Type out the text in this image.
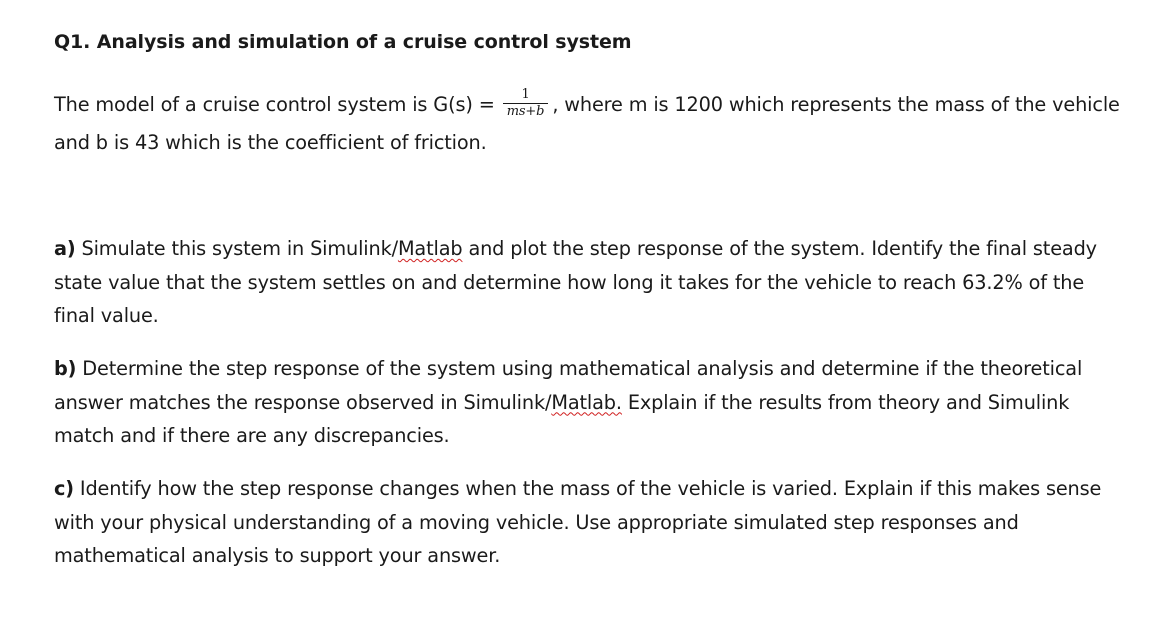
Q1. Analysis and simulation of a cruise control system

The model of a cruise control system is $G(s) = \frac{1}{ms+b}$ , where m is 1200 which represents the mass of the vehicle and b is 43 which is the coefficient of friction.

a) Simulate this system in Simulink/Matlab and plot the step response of the system. Identify the final steady state value that the system settles on and determine how long it takes for the vehicle to reach 63.2% of the final value.

b) Determine the step response of the system using mathematical analysis and determine if the theoretical answer matches the response observed in Simulink/Matlab. Explain if the results from theory and Simulink match and if there are any discrepancies.

c) Identify how the step response changes when the mass of the vehicle is varied. Explain if this makes sense with your physical understanding of a moving vehicle. Use appropriate simulated step responses and mathematical analysis to support your answer.
